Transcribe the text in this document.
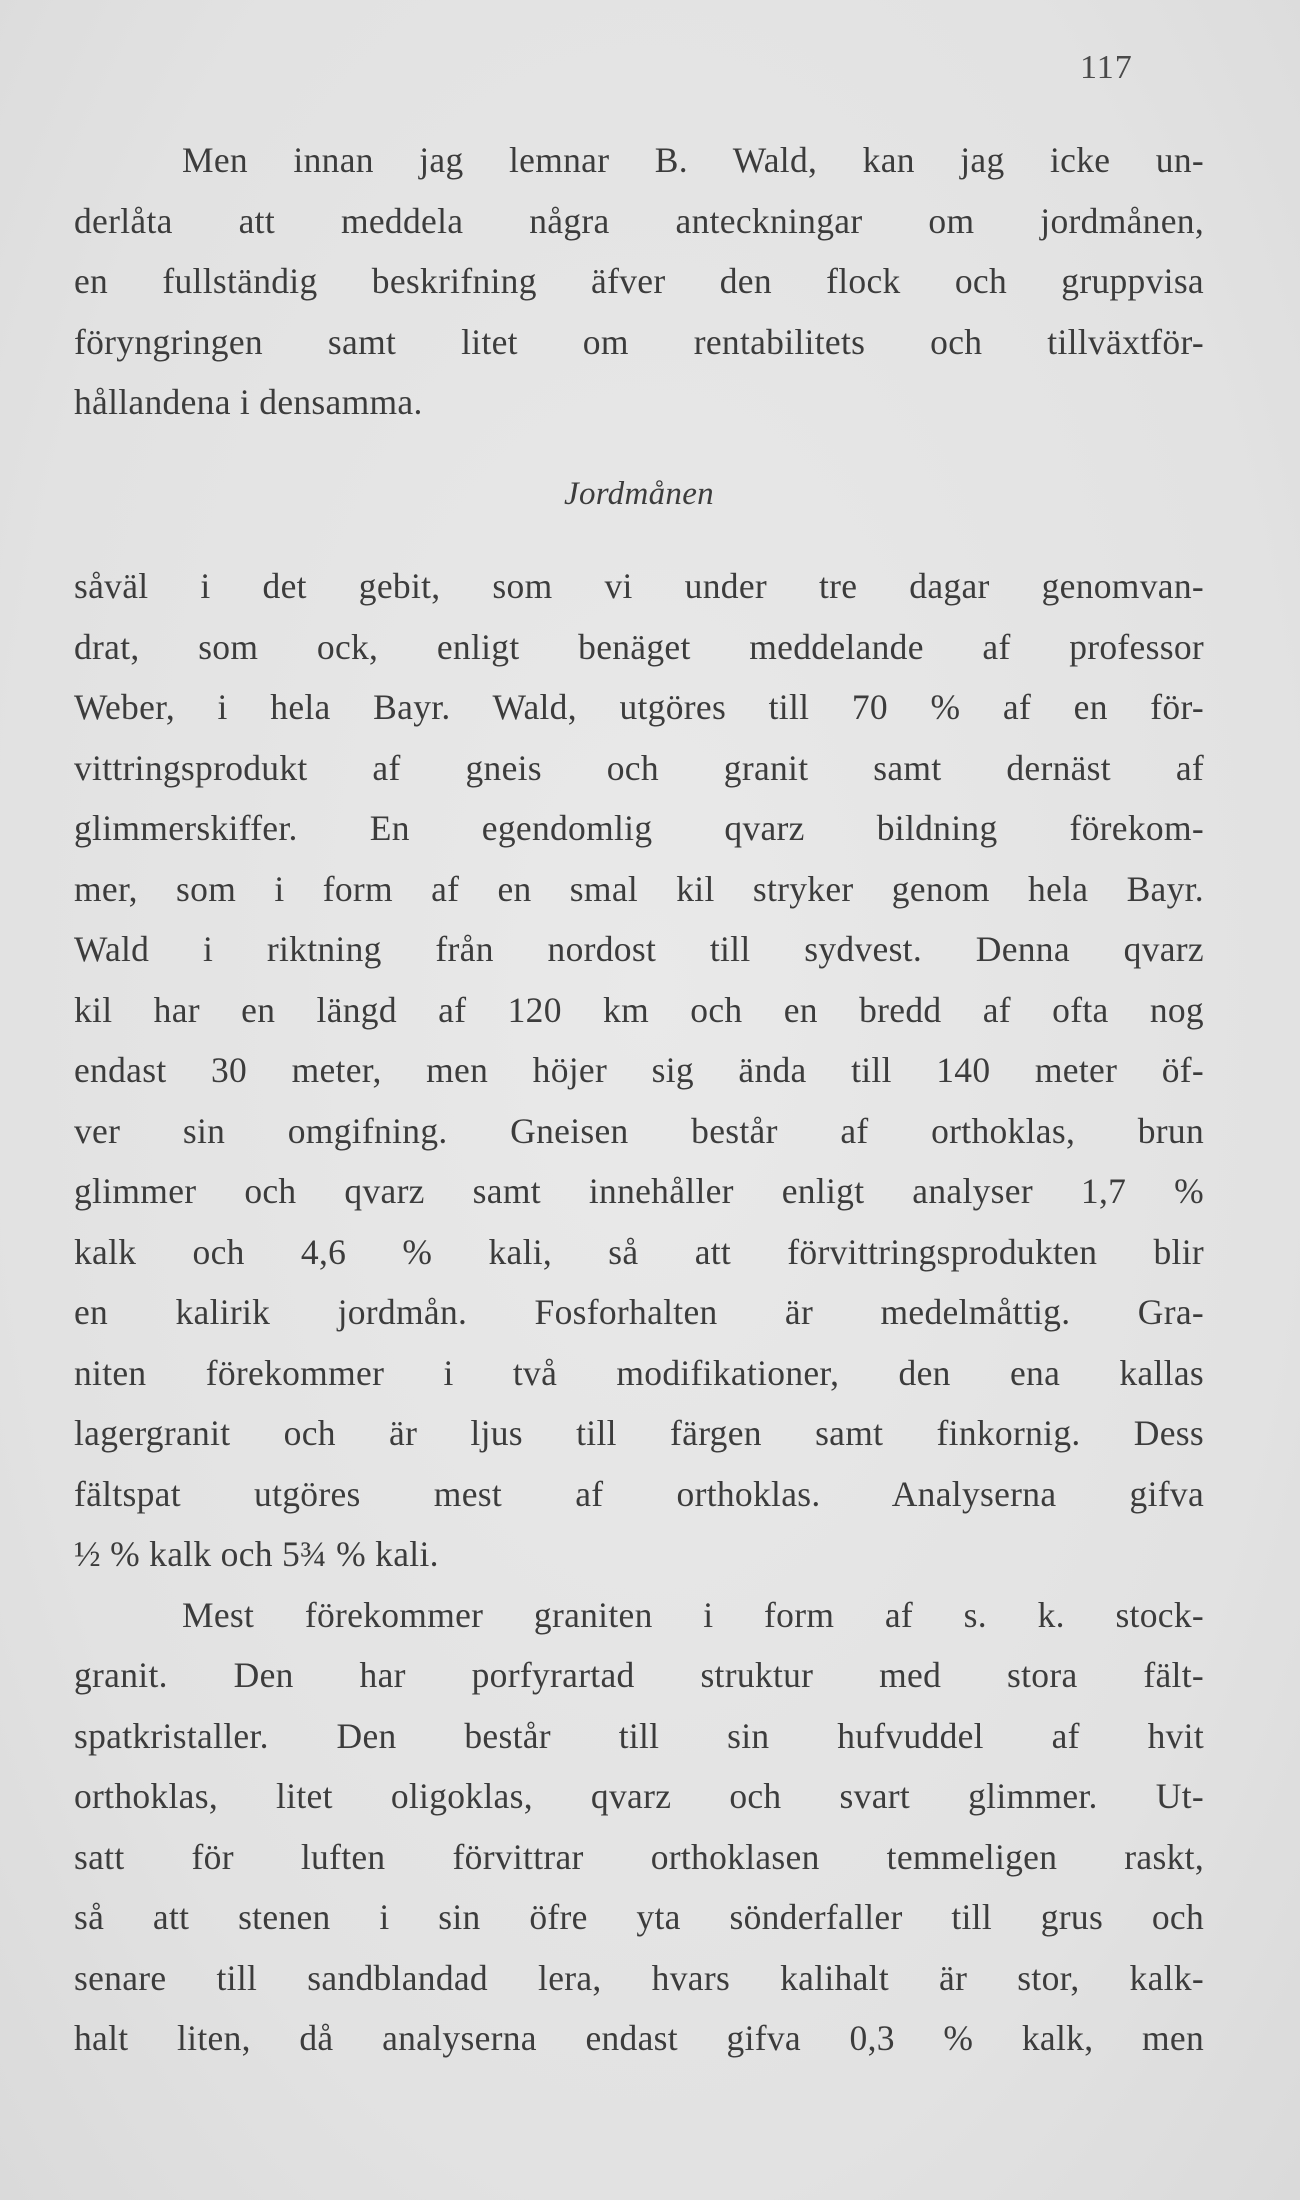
117
Men innan jag lemnar B. Wald, kan jag icke un-
derlåta att meddela några anteckningar om jordmånen,
en fullständig beskrifning äfver den flock och gruppvisa
föryngringen samt litet om rentabilitets och tillväxtför-
hållandena i densamma.
Jordmånen
såväl i det gebit, som vi under tre dagar genomvan-
drat, som ock, enligt benäget meddelande af professor
Weber, i hela Bayr. Wald, utgöres till 70 % af en för-
vittringsprodukt af gneis och granit samt dernäst af
glimmerskiffer. En egendomlig qvarz bildning förekom-
mer, som i form af en smal kil stryker genom hela Bayr.
Wald i riktning från nordost till sydvest. Denna qvarz
kil har en längd af 120 km och en bredd af ofta nog
endast 30 meter, men höjer sig ända till 140 meter öf-
ver sin omgifning. Gneisen består af orthoklas, brun
glimmer och qvarz samt innehåller enligt analyser 1,7 %
kalk och 4,6 % kali, så att förvittringsprodukten blir
en kalirik jordmån. Fosforhalten är medelmåttig. Gra-
niten förekommer i två modifikationer, den ena kallas
lagergranit och är ljus till färgen samt finkornig. Dess
fältspat utgöres mest af orthoklas. Analyserna gifva
½ % kalk och 5¾ % kali.
Mest förekommer graniten i form af s. k. stock-
granit. Den har porfyrartad struktur med stora fält-
spatkristaller. Den består till sin hufvuddel af hvit
orthoklas, litet oligoklas, qvarz och svart glimmer. Ut-
satt för luften förvittrar orthoklasen temmeligen raskt,
så att stenen i sin öfre yta sönderfaller till grus och
senare till sandblandad lera, hvars kalihalt är stor, kalk-
halt liten, då analyserna endast gifva 0,3 % kalk, men
